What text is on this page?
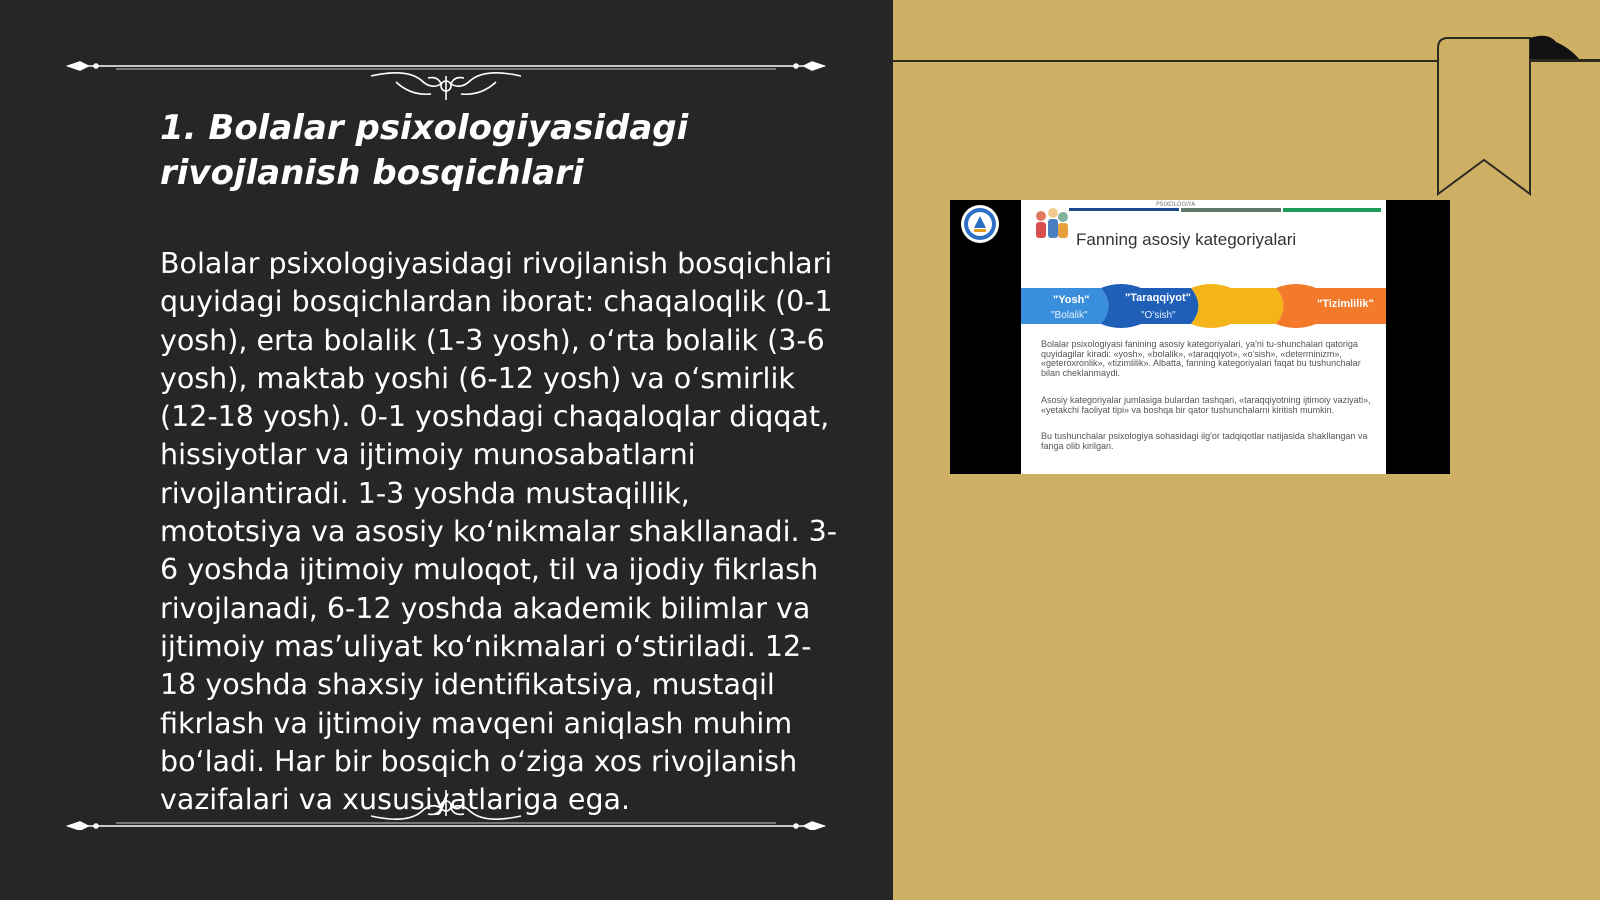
1. Bolalar psixologiyasidagi
rivojlanish bosqichlari

Bolalar psixologiyasidagi rivojlanish bosqichlari quyidagi bosqichlardan iborat: chaqaloqlik (0-1 yosh), erta bolalik (1-3 yosh), oʻrta bolalik (3-6 yosh), maktab yoshi (6-12 yosh) va oʻsmirlik (12-18 yosh). 0-1 yoshdagi chaqaloqlar diqqat, hissiyotlar va ijtimoiy munosabatlarni rivojlantiradi. 1-3 yoshda mustaqillik, mototsiya va asosiy koʻnikmalar shakllanadi. 3-6 yoshda ijtimoiy muloqot, til va ijodiy fikrlash rivojlanadi, 6-12 yoshda akademik bilimlar va ijtimoiy masʼuliyat koʻnikmalari oʻstiriladi. 12-18 yoshda shaxsiy identifikatsiya, mustaqil fikrlash va ijtimoiy mavqeni aniqlash muhim boʻladi. Har bir bosqich oʻziga xos rivojlanish vazifalari va xususiyatlariga ega.

PSIXOLOGIYA
Fanning asosiy kategoriyalari
"Yosh"
"Bolalik"
"Taraqqiyot"
"O'sish"
"Tizimlilik"

Bolalar psixologiyasi fanining asosiy kategoriyalari, ya'ni tu-shunchalari qatoriga quyidagilar kiradi: «yosh», «bolalik», «taraqqiyot», «o'sish», «determinizm», «geteroxronlik», «tizimlilik». Albatta, fanning kategoriyalari faqat bu tushunchalar bilan cheklanmaydi.

Asosiy kategoriyalar jumlasiga bulardan tashqari, «taraqqiyotning ijtimoiy vaziyati», «yetakchi faoliyat tipi» va boshqa bir qator tushunchalarni kiritish mumkin.

Bu tushunchalar psixologiya sohasidagi ilg'or tadqiqotlar natijasida shakllangan va fanga olib kirilgan.
